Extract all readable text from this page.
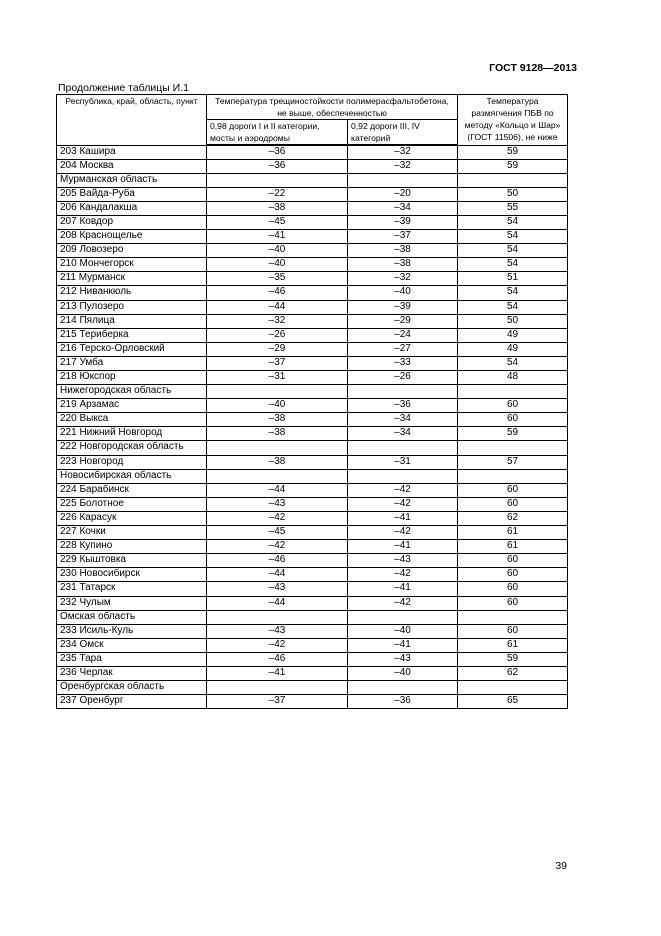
ГОСТ 9128—2013
Продолжение таблицы И.1
Республика, край, область, пункт	Температура трещиностойкости полимерасфальтобетона, не выше, обеспеченностью		Температура размягчения ПБВ по методу «Кольцо и Шар» (ГОСТ 11506), не ниже
	0,98 дороги I и II категории, мосты и аэродромы	0,92 дороги III, IV категорий	
203 Кашира	–36	–32	59
204 Москва	–36	–32	59
Мурманская область			
205 Вайда-Руба	–22	–20	50
206 Кандалакша	–38	–34	55
207 Ковдор	–45	–39	54
208 Краснощелье	–41	–37	54
209 Ловозеро	–40	–38	54
210 Мончегорск	–40	–38	54
211 Мурманск	–35	–32	51
212 Ниванкюль	–46	–40	54
213 Пулозеро	–44	–39	54
214 Пялица	–32	–29	50
215 Териберка	–26	–24	49
216 Терско-Орловский	–29	–27	49
217 Умба	–37	–33	54
218 Юкспор	–31	–26	48
Нижегородская область			
219 Арзамас	–40	–36	60
220 Выкса	–38	–34	60
221 Нижний Новгород	–38	–34	59
222 Новгородская область			
223 Новгород	–38	–31	57
Новосибирская область			
224 Барабинск	–44	–42	60
225 Болотное	–43	–42	60
226 Карасук	–42	–41	62
227 Кочки	–45	–42	61
228 Купино	–42	–41	61
229 Кыштовка	–46	–43	60
230 Новосибирск	–44	–42	60
231 Татарск	–43	–41	60
232 Чулым	–44	–42	60
Омская область			
233 Исиль-Куль	–43	–40	60
234 Омск	–42	–41	61
235 Тара	–46	–43	59
236 Черлак	–41	–40	62
Оренбургская область			
237 Оренбург	–37	–36	65
39
